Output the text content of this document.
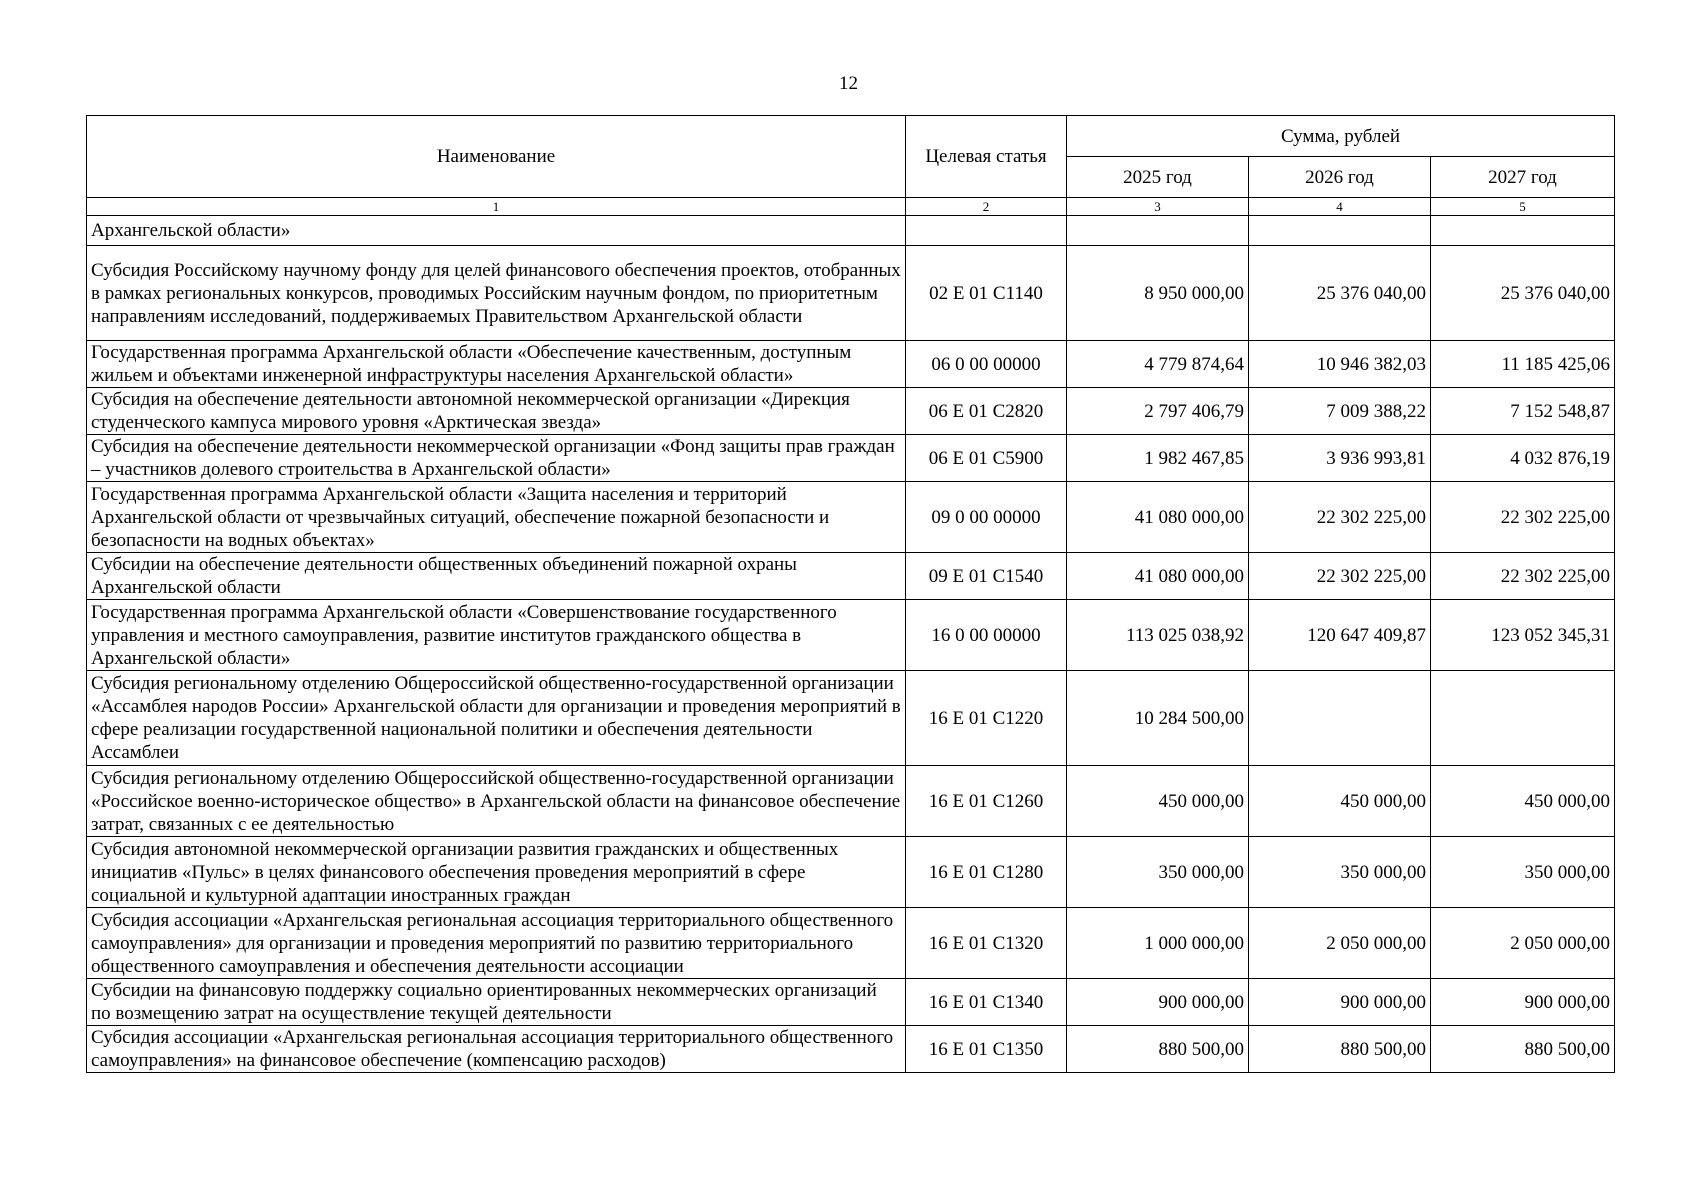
12
Наименование	Целевая статья	Сумма, рублей		
		2025 год	2026 год	2027 год
1	2	3	4	5
Архангельской области»				
Субсидия Российскому научному фонду для целей финансового обеспечения проектов, отобранных в рамках региональных конкурсов, проводимых Российским научным фондом, по приоритетным направлениям исследований, поддерживаемых Правительством Архангельской области	02 Е 01 С1140	8 950 000,00	25 376 040,00	25 376 040,00
Государственная программа Архангельской области «Обеспечение качественным, доступным жильем и объектами инженерной инфраструктуры населения Архангельской области»	06 0 00 00000	4 779 874,64	10 946 382,03	11 185 425,06
Субсидия на обеспечение деятельности автономной некоммерческой организации «Дирекция студенческого кампуса мирового уровня «Арктическая звезда»	06 Е 01 С2820	2 797 406,79	7 009 388,22	7 152 548,87
Субсидия на обеспечение деятельности некоммерческой организации «Фонд защиты прав граждан – участников долевого строительства в Архангельской области»	06 Е 01 С5900	1 982 467,85	3 936 993,81	4 032 876,19
Государственная программа Архангельской области «Защита населения и территорий Архангельской области от чрезвычайных ситуаций, обеспечение пожарной безопасности и безопасности на водных объектах»	09 0 00 00000	41 080 000,00	22 302 225,00	22 302 225,00
Субсидии на обеспечение деятельности общественных объединений пожарной охраны Архангельской области	09 Е 01 С1540	41 080 000,00	22 302 225,00	22 302 225,00
Государственная программа Архангельской области «Совершенствование государственного управления и местного самоуправления, развитие институтов гражданского общества в Архангельской области»	16 0 00 00000	113 025 038,92	120 647 409,87	123 052 345,31
Субсидия региональному отделению Общероссийской общественно-государственной организации «Ассамблея народов России» Архангельской области для организации и проведения мероприятий в сфере реализации государственной национальной политики и обеспечения деятельности Ассамблеи	16 Е 01 С1220	10 284 500,00		
Субсидия региональному отделению Общероссийской общественно-государственной организации «Российское военно-историческое общество» в Архангельской области на финансовое обеспечение затрат, связанных с ее деятельностью	16 Е 01 С1260	450 000,00	450 000,00	450 000,00
Субсидия автономной некоммерческой организации развития гражданских и общественных инициатив «Пульс» в целях финансового обеспечения проведения мероприятий в сфере социальной и культурной адаптации иностранных граждан	16 Е 01 С1280	350 000,00	350 000,00	350 000,00
Субсидия ассоциации «Архангельская региональная ассоциация территориального общественного самоуправления» для организации и проведения мероприятий по развитию территориального общественного самоуправления и обеспечения деятельности ассоциации	16 Е 01 С1320	1 000 000,00	2 050 000,00	2 050 000,00
Субсидии на финансовую поддержку социально ориентированных некоммерческих организаций по возмещению затрат на осуществление текущей деятельности	16 Е 01 С1340	900 000,00	900 000,00	900 000,00
Субсидия ассоциации «Архангельская региональная ассоциация территориального общественного самоуправления» на финансовое обеспечение (компенсацию расходов)	16 Е 01 С1350	880 500,00	880 500,00	880 500,00
